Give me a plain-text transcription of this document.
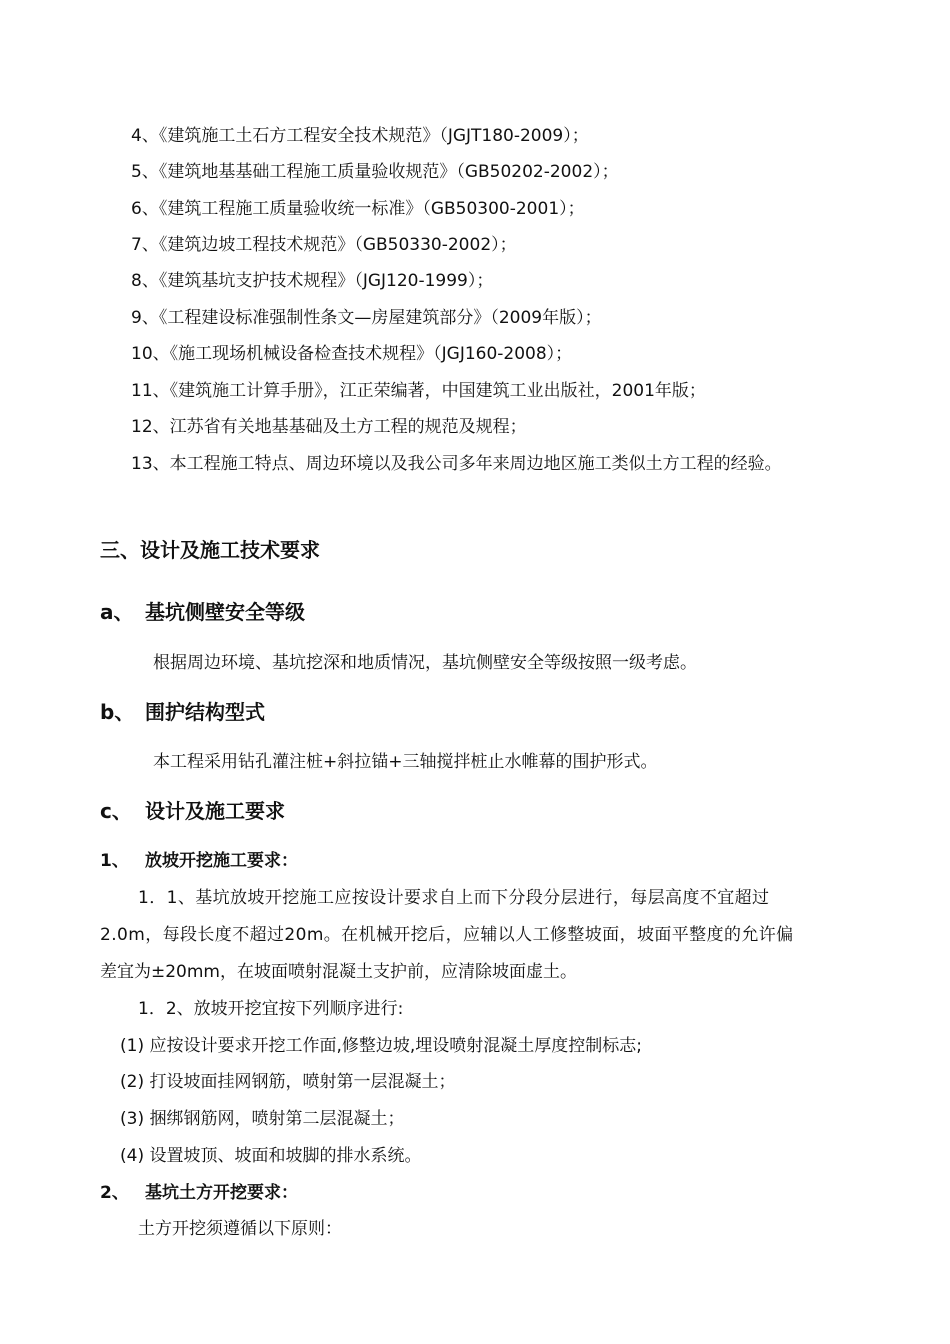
4、《建筑施工土石方工程安全技术规范》（JGJT180-2009）；
5、《建筑地基基础工程施工质量验收规范》（GB50202-2002）；
6、《建筑工程施工质量验收统一标准》（GB50300-2001）；
7、《建筑边坡工程技术规范》（GB50330-2002）；
8、《建筑基坑支护技术规程》（JGJ120-1999）；
9、《工程建设标准强制性条文—房屋建筑部分》（2009年版）；
10、《施工现场机械设备检查技术规程》（JGJ160-2008）；
11、《建筑施工计算手册》，江正荣编著，中国建筑工业出版社，2001年版；
12、江苏省有关地基基础及土方工程的规范及规程；
13、本工程施工特点、周边环境以及我公司多年来周边地区施工类似土方工程的经验。
三、设计及施工技术要求
a、 基坑侧壁安全等级
根据周边环境、基坑挖深和地质情况，基坑侧壁安全等级按照一级考虑。
b、 围护结构型式
本工程采用钻孔灌注桩+斜拉锚+三轴搅拌桩止水帷幕的围护形式。
c、 设计及施工要求
1、 放坡开挖施工要求：
1．1、基坑放坡开挖施工应按设计要求自上而下分段分层进行，每层高度不宜超过
2.0m，每段长度不超过20m。在机械开挖后，应辅以人工修整坡面，坡面平整度的允许偏
差宜为±20mm，在坡面喷射混凝土支护前，应清除坡面虚土。
1．2、放坡开挖宜按下列顺序进行:
(1) 应按设计要求开挖工作面,修整边坡,埋设喷射混凝土厚度控制标志;
(2) 打设坡面挂网钢筋，喷射第一层混凝土；
(3) 捆绑钢筋网，喷射第二层混凝土；
(4) 设置坡顶、坡面和坡脚的排水系统。
2、 基坑土方开挖要求：
土方开挖须遵循以下原则：
